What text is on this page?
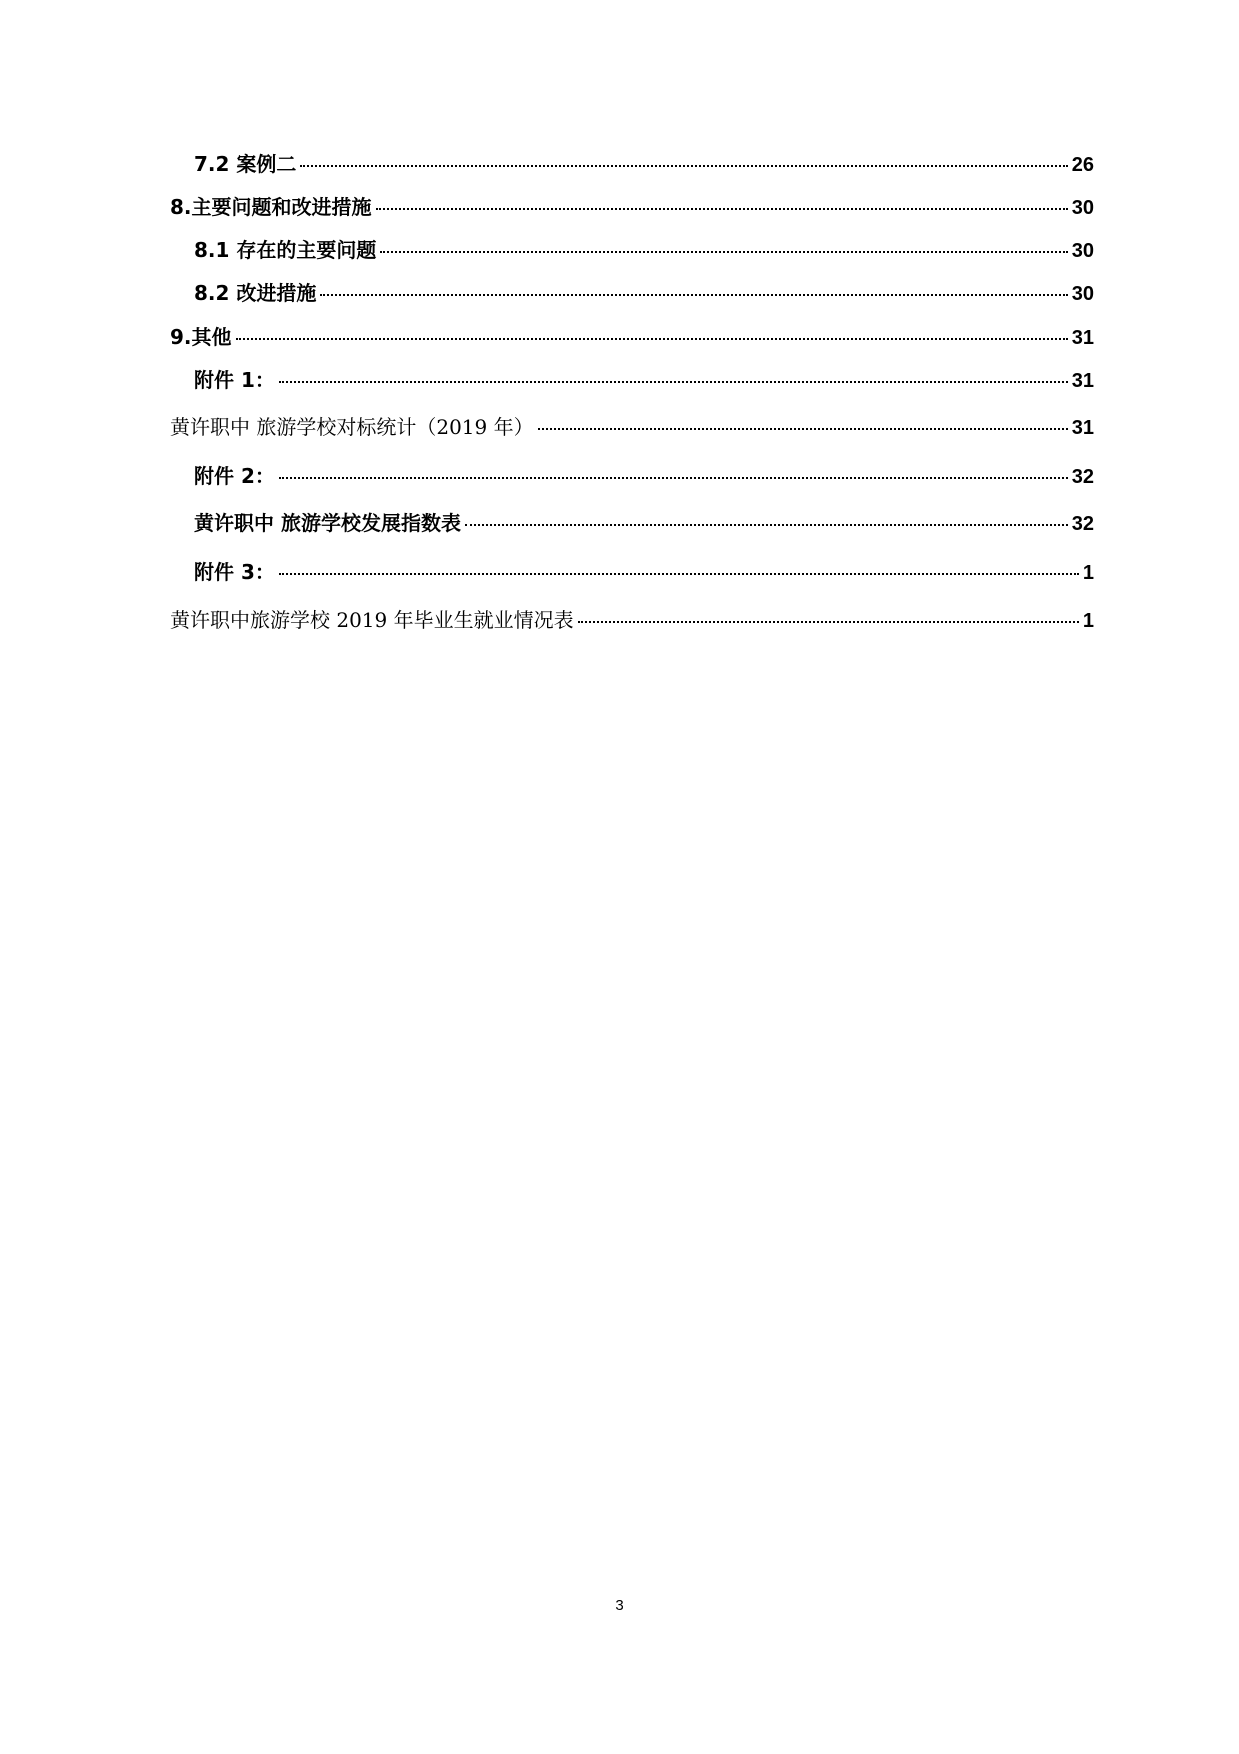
7.2 案例二	26
8.主要问题和改进措施	30
8.1 存在的主要问题	30
8.2 改进措施	30
9.其他	31
附件 1：	31
黄许职中 旅游学校对标统计（2019 年）	31
附件 2：	32
黄许职中 旅游学校发展指数表	32
附件 3：	1
黄许职中旅游学校 2019 年毕业生就业情况表	1
3
